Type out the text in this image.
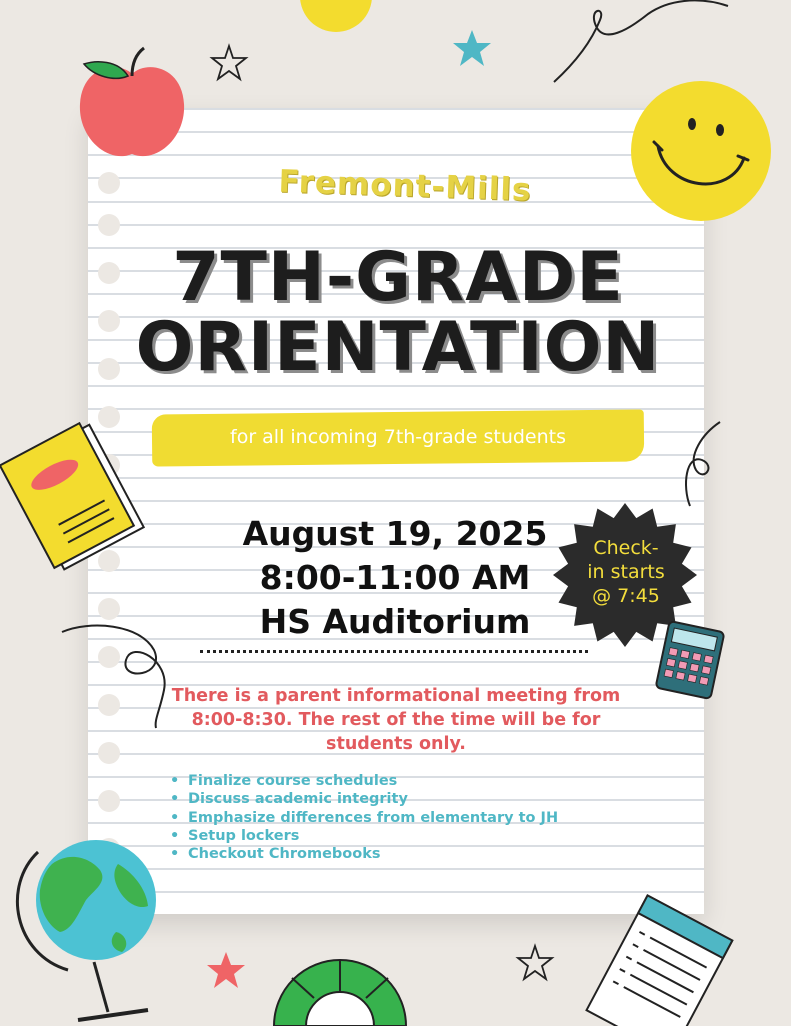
Fremont-Mills
7TH-GRADE
ORIENTATION
for all incoming 7th-grade students
August 19, 2025
8:00-11:00 AM
HS Auditorium
Check-
in starts
@ 7:45
There is a parent informational meeting from 8:00-8:30. The rest of the time will be for students only.
• Finalize course schedules
• Discuss academic integrity
• Emphasize differences from elementary to JH
• Setup lockers
• Checkout Chromebooks
